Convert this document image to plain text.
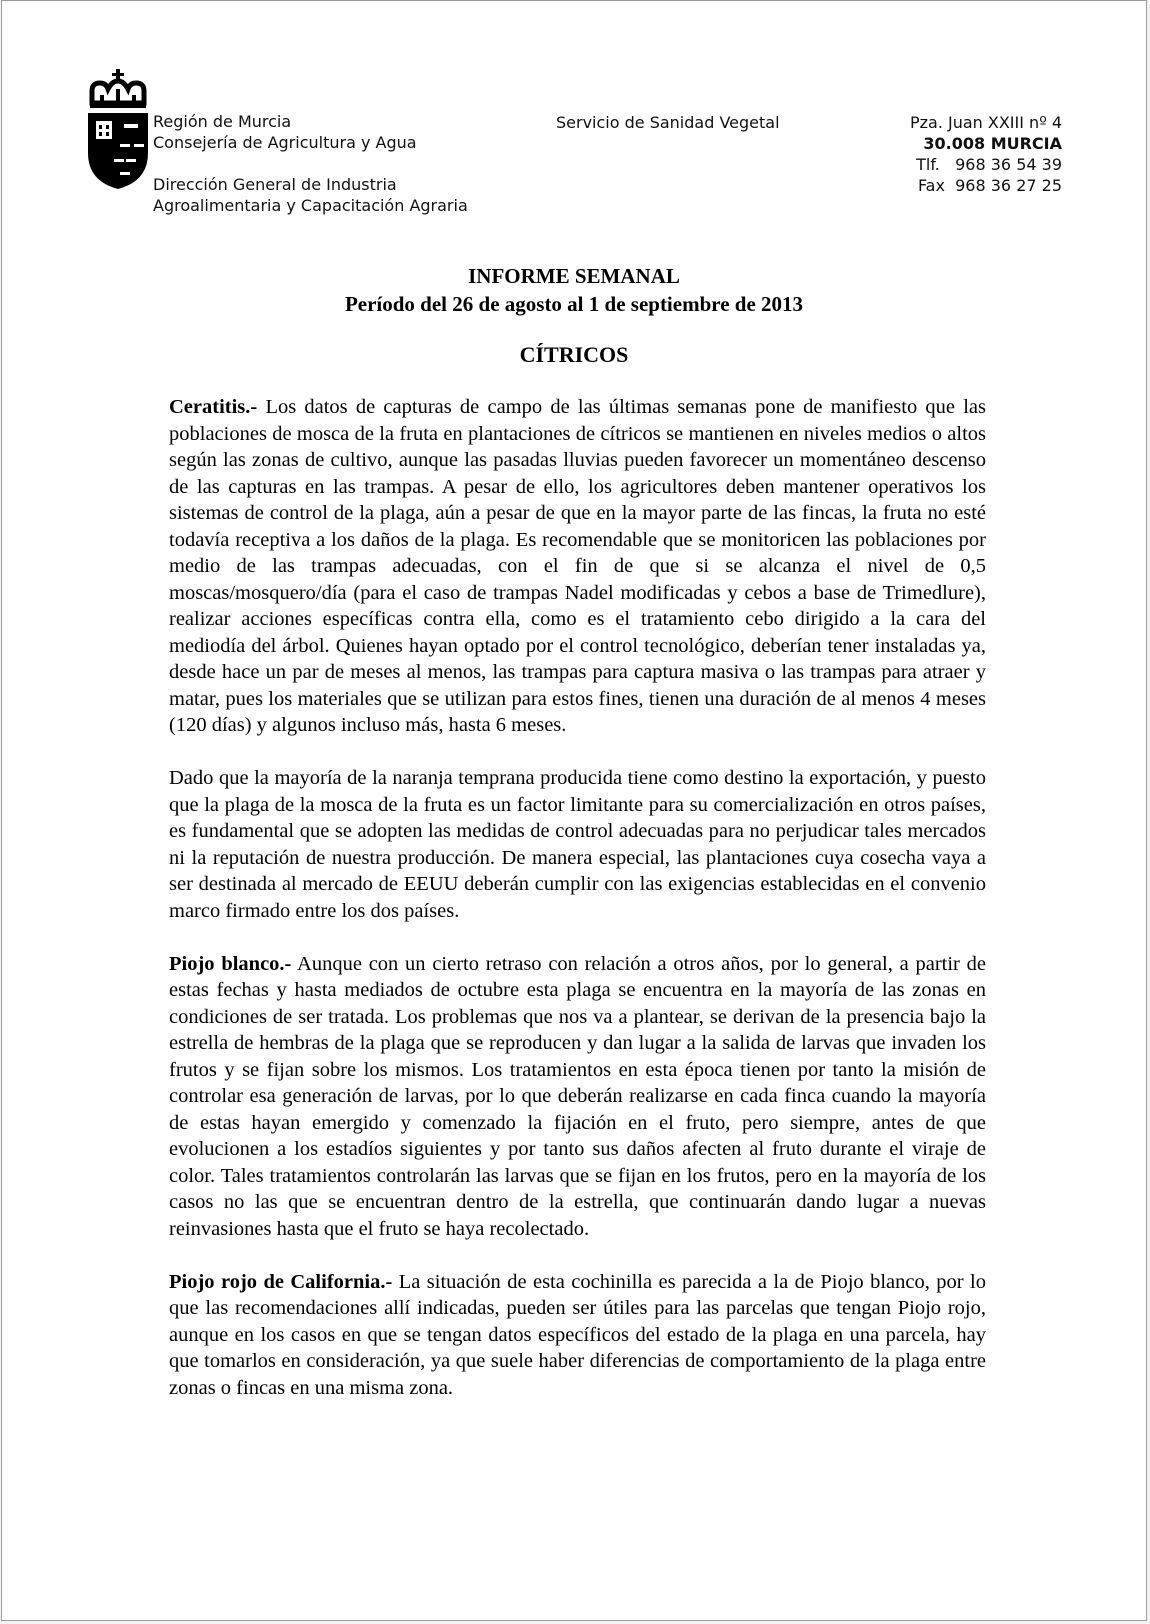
Región de Murcia
Consejería de Agricultura y Agua
Dirección General de Industria
Agroalimentaria y Capacitación Agraria
Servicio de Sanidad Vegetal	Pza. Juan XXIII nº 4
30.008 MURCIA
Tlf.   968 36 54 39
Fax  968 36 27 25
INFORME SEMANAL
Período del 26 de agosto al 1 de septiembre de 2013
CÍTRICOS

Ceratitis.- Los datos de capturas de campo de las últimas semanas pone de manifiesto que las poblaciones de mosca de la fruta en plantaciones de cítricos se mantienen en niveles medios o altos según las zonas de cultivo, aunque las pasadas lluvias pueden favorecer un momentáneo descenso de las capturas en las trampas. A pesar de ello, los agricultores deben mantener operativos los sistemas de control de la plaga, aún a pesar de que en la mayor parte de las fincas, la fruta no esté todavía receptiva a los daños de la plaga. Es recomendable que se monitoricen las poblaciones por medio de las trampas adecuadas, con el fin de que si se alcanza el nivel de 0,5 moscas/mosquero/día (para el caso de trampas Nadel modificadas y cebos a base de Trimedlure), realizar acciones específicas contra ella, como es el tratamiento cebo dirigido a la cara del mediodía del árbol. Quienes hayan optado por el control tecnológico, deberían tener instaladas ya, desde hace un par de meses al menos, las trampas para captura masiva o las trampas para atraer y matar, pues los materiales que se utilizan para estos fines, tienen una duración de al menos 4 meses (120 días) y algunos incluso más, hasta 6 meses.

Dado que la mayoría de la naranja temprana producida tiene como destino la exportación, y puesto que la plaga de la mosca de la fruta es un factor limitante para su comercialización en otros países, es fundamental que se adopten las medidas de control adecuadas para no perjudicar tales mercados ni la reputación de nuestra producción. De manera especial, las plantaciones cuya cosecha vaya a ser destinada al mercado de EEUU deberán cumplir con las exigencias establecidas en el convenio marco firmado entre los dos países.

Piojo blanco.- Aunque con un cierto retraso con relación a otros años, por lo general, a partir de estas fechas y hasta mediados de octubre esta plaga se encuentra en la mayoría de las zonas en condiciones de ser tratada. Los problemas que nos va a plantear, se derivan de la presencia bajo la estrella de hembras de la plaga que se reproducen y dan lugar a la salida de larvas que invaden los frutos y se fijan sobre los mismos. Los tratamientos en esta época tienen por tanto la misión de controlar esa generación de larvas, por lo que deberán realizarse en cada finca cuando la mayoría de estas hayan emergido y comenzado la fijación en el fruto, pero siempre, antes de que evolucionen a los estadíos siguientes y por tanto sus daños afecten al fruto durante el viraje de color. Tales tratamientos controlarán las larvas que se fijan en los frutos, pero en la mayoría de los casos no las que se encuentran dentro de la estrella, que continuarán dando lugar a nuevas reinvasiones hasta que el fruto se haya recolectado.

Piojo rojo de California.- La situación de esta cochinilla es parecida a la de Piojo blanco, por lo que las recomendaciones allí indicadas, pueden ser útiles para las parcelas que tengan Piojo rojo, aunque en los casos en que se tengan datos específicos del estado de la plaga en una parcela, hay que tomarlos en consideración, ya que suele haber diferencias de comportamiento de la plaga entre zonas o fincas en una misma zona.
